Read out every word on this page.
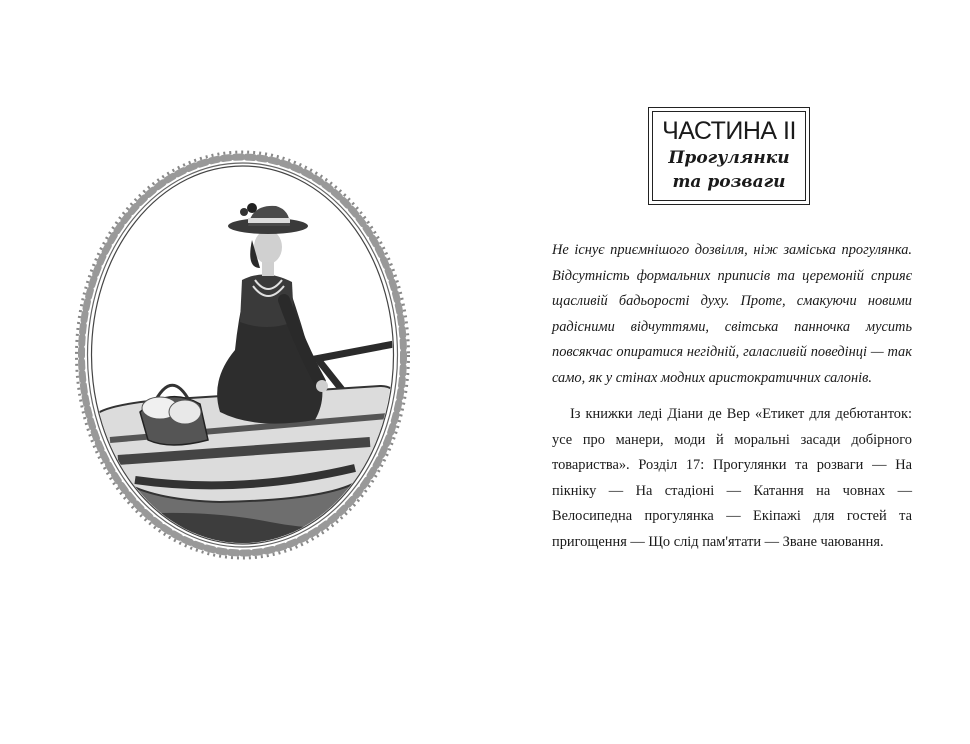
ЧАСТИНА II
Прогулянки
та розваги

Не існує приємнішого дозвілля, ніж заміська прогулянка. Відсутність формальних приписів та церемоній сприяє щасливій бадьорості духу. Проте, смакуючи новими радісними відчуттями, світська панночка мусить повсякчас опиратися негідній, галасливій поведінці — так само, як у стінах модних аристократичних салонів.

Із книжки леді Діани де Вер «Етикет для дебютанток: усе про манери, моди й моральні засади добірного товариства». Розділ 17: Прогулянки та розваги — На пікніку — На стадіоні — Катання на човнах — Велосипедна прогулянка — Екіпажі для гостей та пригощення — Що слід пам'ятати — Зване чаювання.
